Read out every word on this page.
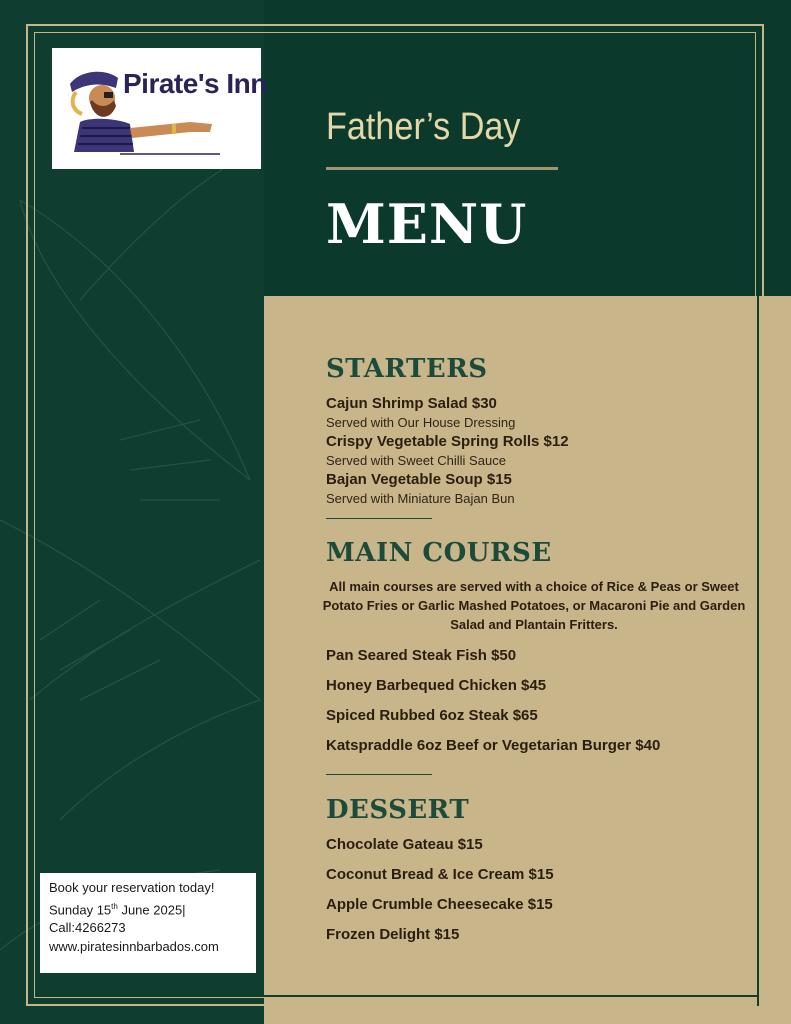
Pirate's Inn
Father’s Day
MENU
STARTERS
Cajun Shrimp Salad $30
Served with Our House Dressing
Crispy Vegetable Spring Rolls $12
Served with Sweet Chilli Sauce
Bajan Vegetable Soup $15
Served with Miniature Bajan Bun
MAIN COURSE
All main courses are served with a choice of Rice & Peas or Sweet Potato Fries or Garlic Mashed Potatoes, or Macaroni Pie and Garden Salad and Plantain Fritters.
Pan Seared Steak Fish $50
Honey Barbequed Chicken $45
Spiced Rubbed 6oz Steak $65
Katspraddle 6oz Beef or Vegetarian Burger $40
DESSERT
Chocolate Gateau $15
Coconut Bread & Ice Cream $15
Apple Crumble Cheesecake $15
Frozen Delight $15
Book your reservation today!
Sunday 15th June 2025|
Call:4266273
www.piratesinnbarbados.com
